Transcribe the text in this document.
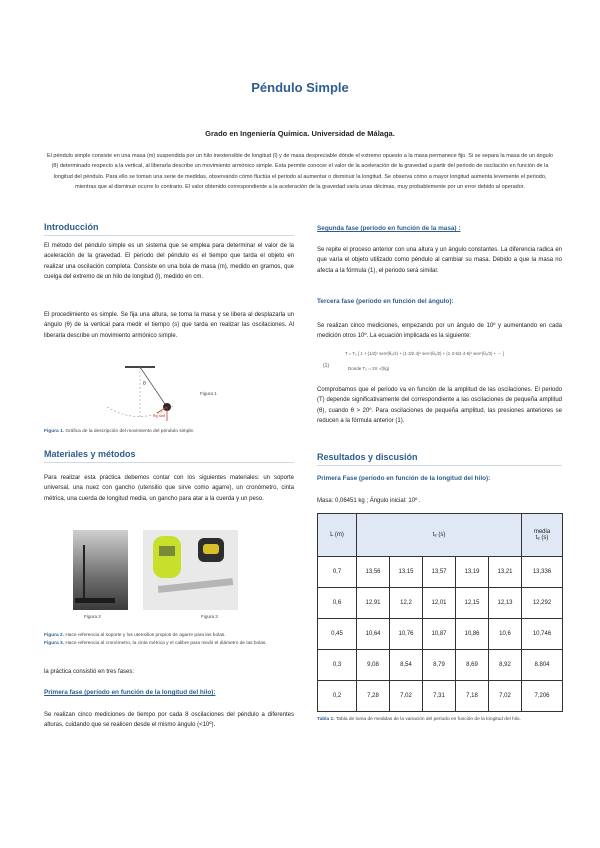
Péndulo Simple
Grado en Ingeniería Química. Universidad de Málaga.
El péndulo simple consiste en una masa (m) suspendida por un hilo inextensible de longitud (l) y de masa despreciable dónde el extremo opuesto a la masa permanece fijo. Si se separa la masa de un ángulo (θ) determinado respecto a la vertical, al liberarla describe un movimiento armónico simple. Esta permite conocer el valor de la aceleración de la gravedad a partir del periodo de oscilación en función de la longitud del péndulo. Para ello se toman una serie de medidas, observando cómo fluctúa el periodo al aumentar o disminuir la longitud. Se observa cómo a mayor longitud aumenta levemente el periodo, mientras que al disminuir ocurre lo contrario. El valor obtenido correspondiente a la aceleración de la gravedad varía unas décimas, muy probablemente por un error debido al operador.
Introducción
El método del péndulo simple es un sistema que se emplea para determinar el valor de la aceleración de la gravedad. El periodo del péndulo es el tiempo que tarda el objeto en realizar una oscilación completa. Consiste en una bola de masa (m), medido en gramos, que cuelga del extremo de un hilo de longitud (l), medido en cm.
El procedimiento es simple. Se fija una altura, se toma la masa y se libera al desplazarla un ángulo (θ) de la vertical para medir el tiempo (s) que tarda en realizar las oscilaciones. Al liberarla describe un movimiento armónico simple.
θ
mg sinθ
Figura 1
Figura 1. Gráfica de la descripción del movimiento del péndulo simple.
Materiales y métodos
Para realizar esta práctica debemos contar con los siguientes materiales: un soporte universal, una nuez con gancho (utensilio que sirve como agarre), un cronómetro, cinta métrica, una cuerda de longitud media, un gancho para atar a la cuerda y un peso.
Figura 2	Figura 3
Figura 2. Hace referencia al soporte y los utensilios propios de agarre para las bolas.
Figura 3. Hace referencia al cronómetro, la cinta métrica y el calibre para medir el diámetro de las bolas.
la práctica consistió en tres fases:
Primera fase (período en función de la longitud del hilo):
Se realizan cinco mediciones de tiempo por cada 8 oscilaciones del péndulo a diferentes alturas, cuidando que se realicen desde el mismo ángulo (<10º).
Segunda fase (período en función de la masa) :
Se repite el proceso anterior con una altura y un ángulo constantes. La diferencia radica en que varía el objeto utilizado como péndulo al cambiar su masa. Debido a que la masa no afecta a la fórmula (1), el periodo será similar.
Tercera fase (período en función del ángulo):
Se realizan cinco mediciones, empezando por un ángulo de 10º y aumentando en cada medición otros 10º. La ecuación implicada es la siguiente:
T = T₀ [ 1 + (1/2)² sen²(θ₀/2) + (1·3/2·4)² sen⁴(θ₀/2) + (1·3·5/2·4·6)² sen⁶(θ₀/2) + ··· ]
(1)	Donde T₀ = 2π √(l/g)
Comprobamos que el periodo va en función de la amplitud de las oscilaciones. El periodo (T) depende significativamente del correspondiente a las oscilaciones de pequeña amplitud (θ), cuando θ > 20º. Para oscilaciones de pequeña amplitud, las presiones anteriores se reducen a la fórmula anterior (1).
Resultados y discusión
Primera Fase (período en función de la longitud del hilo):
Masa: 0,06451 kg ; Ángulo inicial: 10º .
L (m)	t₈ (s)					media
t₈ (s)
0,7	13,56	13,15	13,57	13,19	13,21	13,336
0,6	12,91	12,2	12,01	12,15	12,13	12,292
0,45	10,64	10,76	10,87	10,86	10,6	10,746
0,3	9,08	8,54	8,79	8,69	8,92	8.804
0,2	7,28	7,02	7,31	7,18	7,02	7,206
Tabla 1: Tabla de toma de medidas de la variación del periodo en función de la longitud del hilo.
